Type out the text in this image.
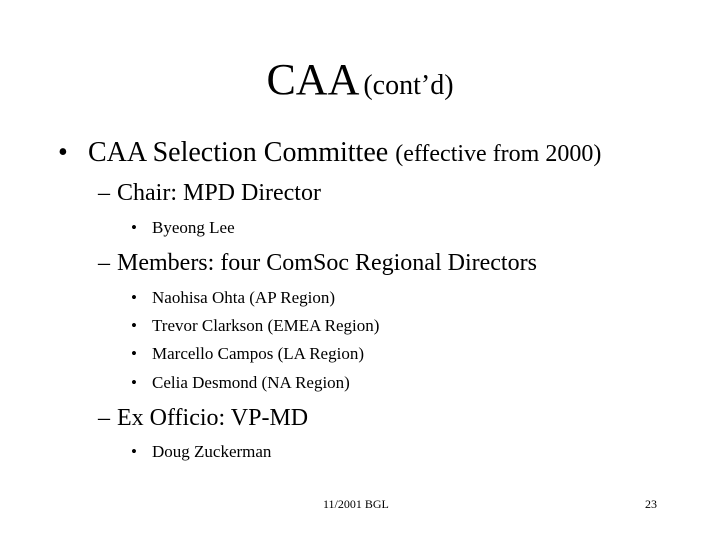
CAA (cont’d)
• CAA Selection Committee (effective from 2000)
– Chair: MPD Director
• Byeong Lee
– Members: four ComSoc Regional Directors
• Naohisa Ohta (AP Region)
• Trevor Clarkson (EMEA Region)
• Marcello Campos (LA Region)
• Celia Desmond (NA Region)
– Ex Officio: VP-MD
• Doug Zuckerman
11/2001 BGL	23
